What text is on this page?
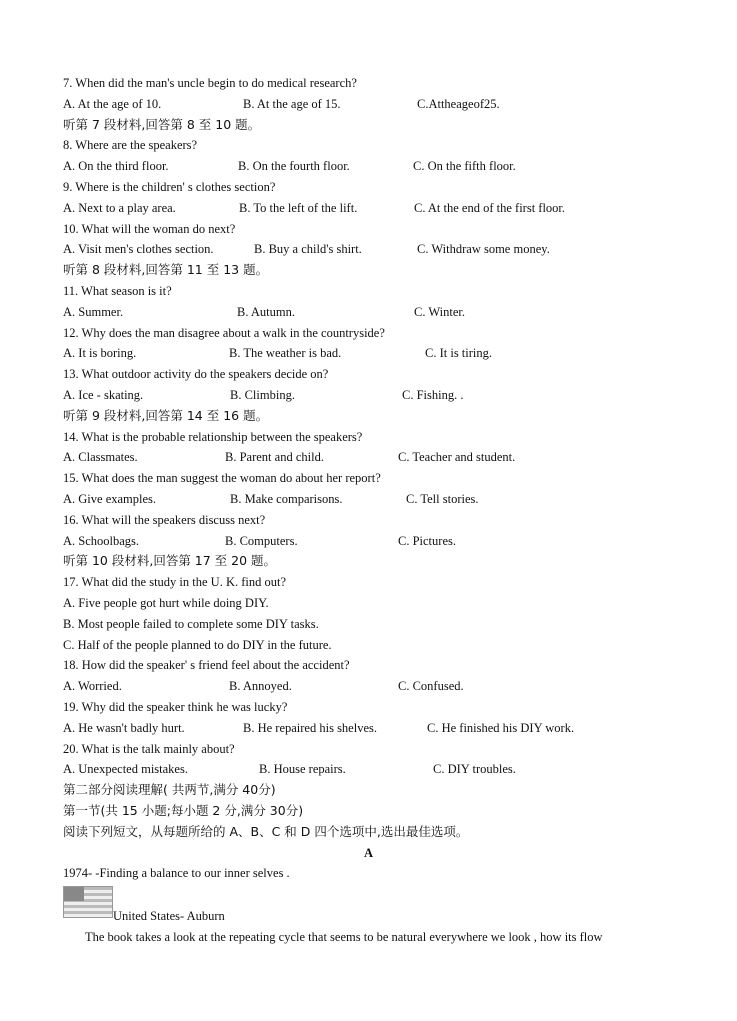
7. When did the man's uncle begin to do medical research?
A. At the age of 10.	B. At the age of 15.	C.Attheageof25.
听第 7 段材料,回答第 8 至 10 题。
8. Where are the speakers?
A. On the third floor.	B. On the fourth floor.	C. On the fifth floor.
9. Where is the children' s clothes section?
A. Next to a play area.	B. To the left of the lift.	C. At the end of the first floor.
10. What will the woman do next?
A. Visit men's clothes section.	B. Buy a child's shirt.	C. Withdraw some money.
听第 8 段材料,回答第 11 至 13 题。
11. What season is it?
A. Summer.	B. Autumn.	C. Winter.
12. Why does the man disagree about a walk in the countryside?
A. It is boring.	B. The weather is bad.	C. It is tiring.
13. What outdoor activity do the speakers decide on?
A. Ice - skating.	B. Climbing.	C. Fishing. .
听第 9 段材料,回答第 14 至 16 题。
14. What is the probable relationship between the speakers?
A. Classmates.	B. Parent and child.	C. Teacher and student.
15. What does the man suggest the woman do about her report?
A. Give examples.	B. Make comparisons.	C. Tell stories.
16. What will the speakers discuss next?
A. Schoolbags.	B. Computers.	C. Pictures.
听第 10 段材料,回答第 17 至 20 题。
17. What did the study in the U. K. find out?
A. Five people got hurt while doing DIY.
B. Most people failed to complete some DIY tasks.
C. Half of the people planned to do DIY in the future.
18. How did the speaker' s friend feel about the accident?
A. Worried.	B. Annoyed.	C. Confused.
19. Why did the speaker think he was lucky?
A. He wasn't badly hurt.	B. He repaired his shelves.	C. He finished his DIY work.
20. What is the talk mainly about?
A. Unexpected mistakes.	B. House repairs.	C. DIY troubles.
第二部分阅读理解( 共两节,满分 40分)
第一节(共 15 小题;每小题 2 分,满分 30分)
阅读下列短文，从每题所给的 A、B、C 和 D 四个选项中,选出最佳选项。
A
1974- -Finding a balance to our inner selves .
United States- Auburn
The book takes a look at the repeating cycle that seems to be natural everywhere we look , how its flow
